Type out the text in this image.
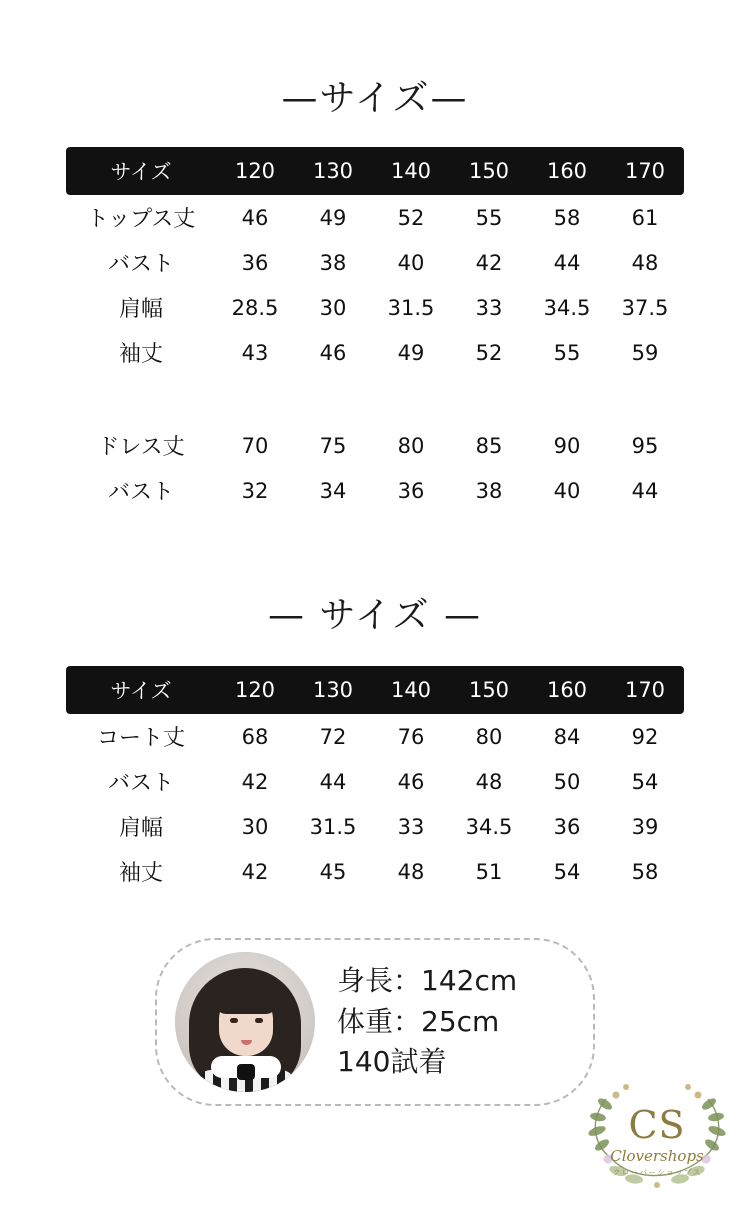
—サイズ—
サイズ	120	130	140	150	160	170
トップス丈	46	49	52	55	58	61
バスト	36	38	40	42	44	48
肩幅	28.5	30	31.5	33	34.5	37.5
袖丈	43	46	49	52	55	59

ドレス丈	70	75	80	85	90	95
バスト	32	34	36	38	40	44
— サイズ —
サイズ	120	130	140	150	160	170
コート丈	68	72	76	80	84	92
バスト	42	44	46	48	50	54
肩幅	30	31.5	33	34.5	36	39
袖丈	42	45	48	51	54	58
身長：142cm
体重：25cm
140試着
CS
Clovershops
クローバーショップス
